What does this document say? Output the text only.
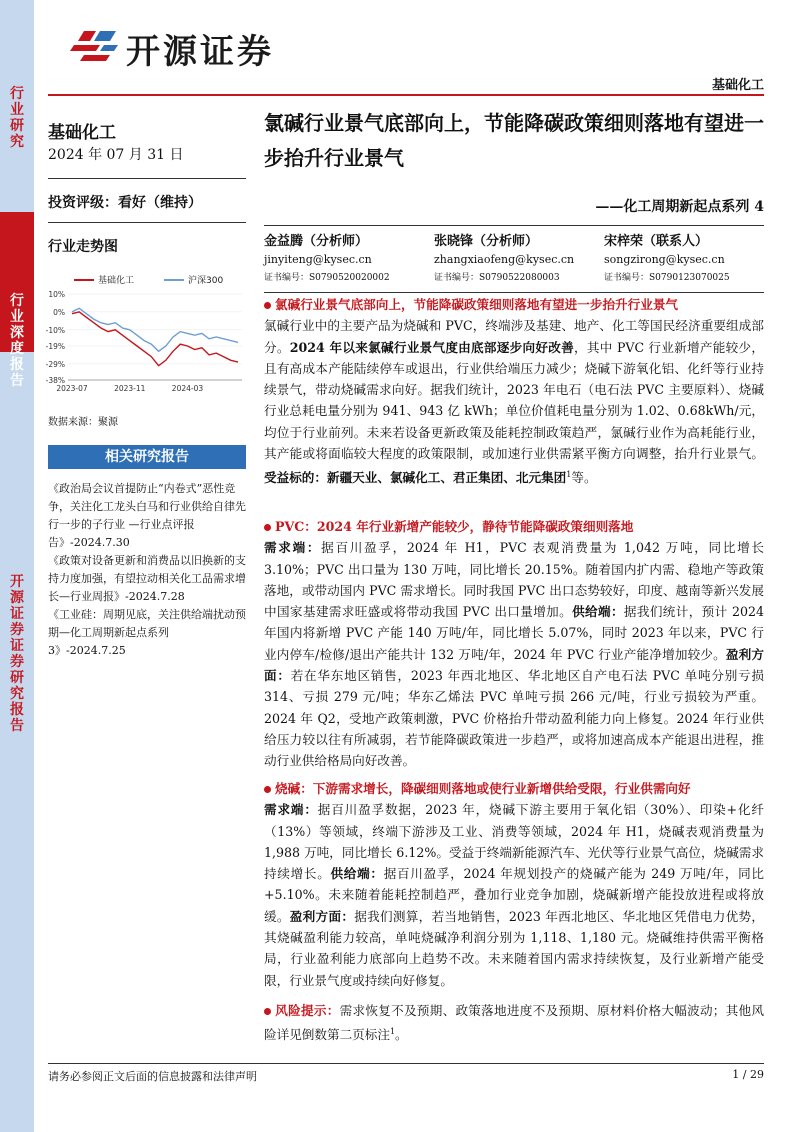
行业研究
行业深度报告
开源证券 证券研究报告
开源证券
基础化工
基础化工
2024 年 07 月 31 日
投资评级：看好（维持）
行业走势图
基础化工	沪深300
10%
0%
-10%
-19%
-29%
-38%
2023-07	2023-11	2024-03
数据来源：聚源
相关研究报告
《政治局会议首提防止“内卷式”恶性竞争，关注化工龙头白马和行业供给自律先行一步的子行业 —行业点评报告》-2024.7.30
《政策对设备更新和消费品以旧换新的支持力度加强，有望拉动相关化工品需求增长—行业周报》-2024.7.28
《工业硅：周期见底，关注供给端扰动预期—化工周期新起点系列 3》-2024.7.25
氯碱行业景气底部向上，节能降碳政策细则落地有望进一步抬升行业景气
——化工周期新起点系列 4
金益腾（分析师）
jinyiteng@kysec.cn
证书编号：S0790520020002
张晓锋（分析师）
zhangxiaofeng@kysec.cn
证书编号：S0790522080003
宋梓荣（联系人）
songzirong@kysec.cn
证书编号：S0790123070025
氯碱行业景气底部向上，节能降碳政策细则落地有望进一步抬升行业景气
氯碱行业中的主要产品为烧碱和 PVC，终端涉及基建、地产、化工等国民经济重要组成部分。2024 年以来氯碱行业景气度由底部逐步向好改善，其中 PVC 行业新增产能较少，且有高成本产能陆续停车或退出，行业供给端压力减少；烧碱下游氧化铝、化纤等行业持续景气，带动烧碱需求向好。据我们统计，2023 年电石（电石法 PVC 主要原料）、烧碱行业总耗电量分别为 941、943 亿 kWh；单位价值耗电量分别为 1.02、0.68kWh/元，均位于行业前列。未来若设备更新政策及能耗控制政策趋严，氯碱行业作为高耗能行业，其产能或将面临较大程度的政策限制，或加速行业供需紧平衡方向调整，抬升行业景气。受益标的：新疆天业、氯碱化工、君正集团、北元集团$^1$等。
PVC：2024 年行业新增产能较少，静待节能降碳政策细则落地
需求端：据百川盈孚，2024 年 H1，PVC 表观消费量为 1,042 万吨，同比增长 3.10%；PVC 出口量为 130 万吨，同比增长 20.15%。随着国内扩内需、稳地产等政策落地，或带动国内 PVC 需求增长。同时我国 PVC 出口态势较好，印度、越南等新兴发展中国家基建需求旺盛或将带动我国 PVC 出口量增加。供给端：据我们统计，预计 2024 年国内将新增 PVC 产能 140 万吨/年，同比增长 5.07%，同时 2023 年以来，PVC 行业内停车/检修/退出产能共计 132 万吨/年，2024 年 PVC 行业产能净增加较少。盈利方面：若在华东地区销售，2023 年西北地区、华北地区自产电石法 PVC 单吨分别亏损 314、亏损 279 元/吨；华东乙烯法 PVC 单吨亏损 266 元/吨，行业亏损较为严重。2024 年 Q2，受地产政策刺激，PVC 价格抬升带动盈利能力向上修复。2024 年行业供给压力较以往有所减弱，若节能降碳政策进一步趋严，或将加速高成本产能退出进程，推动行业供给格局向好改善。
烧碱：下游需求增长，降碳细则落地或使行业新增供给受限，行业供需向好
需求端：据百川盈孚数据，2023 年，烧碱下游主要用于氧化铝（30%）、印染+化纤（13%）等领域，终端下游涉及工业、消费等领域，2024 年 H1，烧碱表观消费量为 1,988 万吨，同比增长 6.12%。受益于终端新能源汽车、光伏等行业景气高位，烧碱需求持续增长。供给端：据百川盈孚，2024 年规划投产的烧碱产能为 249 万吨/年，同比+5.10%。未来随着能耗控制趋严，叠加行业竞争加剧，烧碱新增产能投放进程或将放缓。盈利方面：据我们测算，若当地销售，2023 年西北地区、华北地区凭借电力优势，其烧碱盈利能力较高，单吨烧碱净利润分别为 1,118、1,180 元。烧碱维持供需平衡格局，行业盈利能力底部向上趋势不改。未来随着国内需求持续恢复，及行业新增产能受限，行业景气度或持续向好修复。
风险提示：需求恢复不及预期、政策落地进度不及预期、原材料价格大幅波动；其他风险详见倒数第二页标注$^1$。
请务必参阅正文后面的信息披露和法律声明	1 / 29
